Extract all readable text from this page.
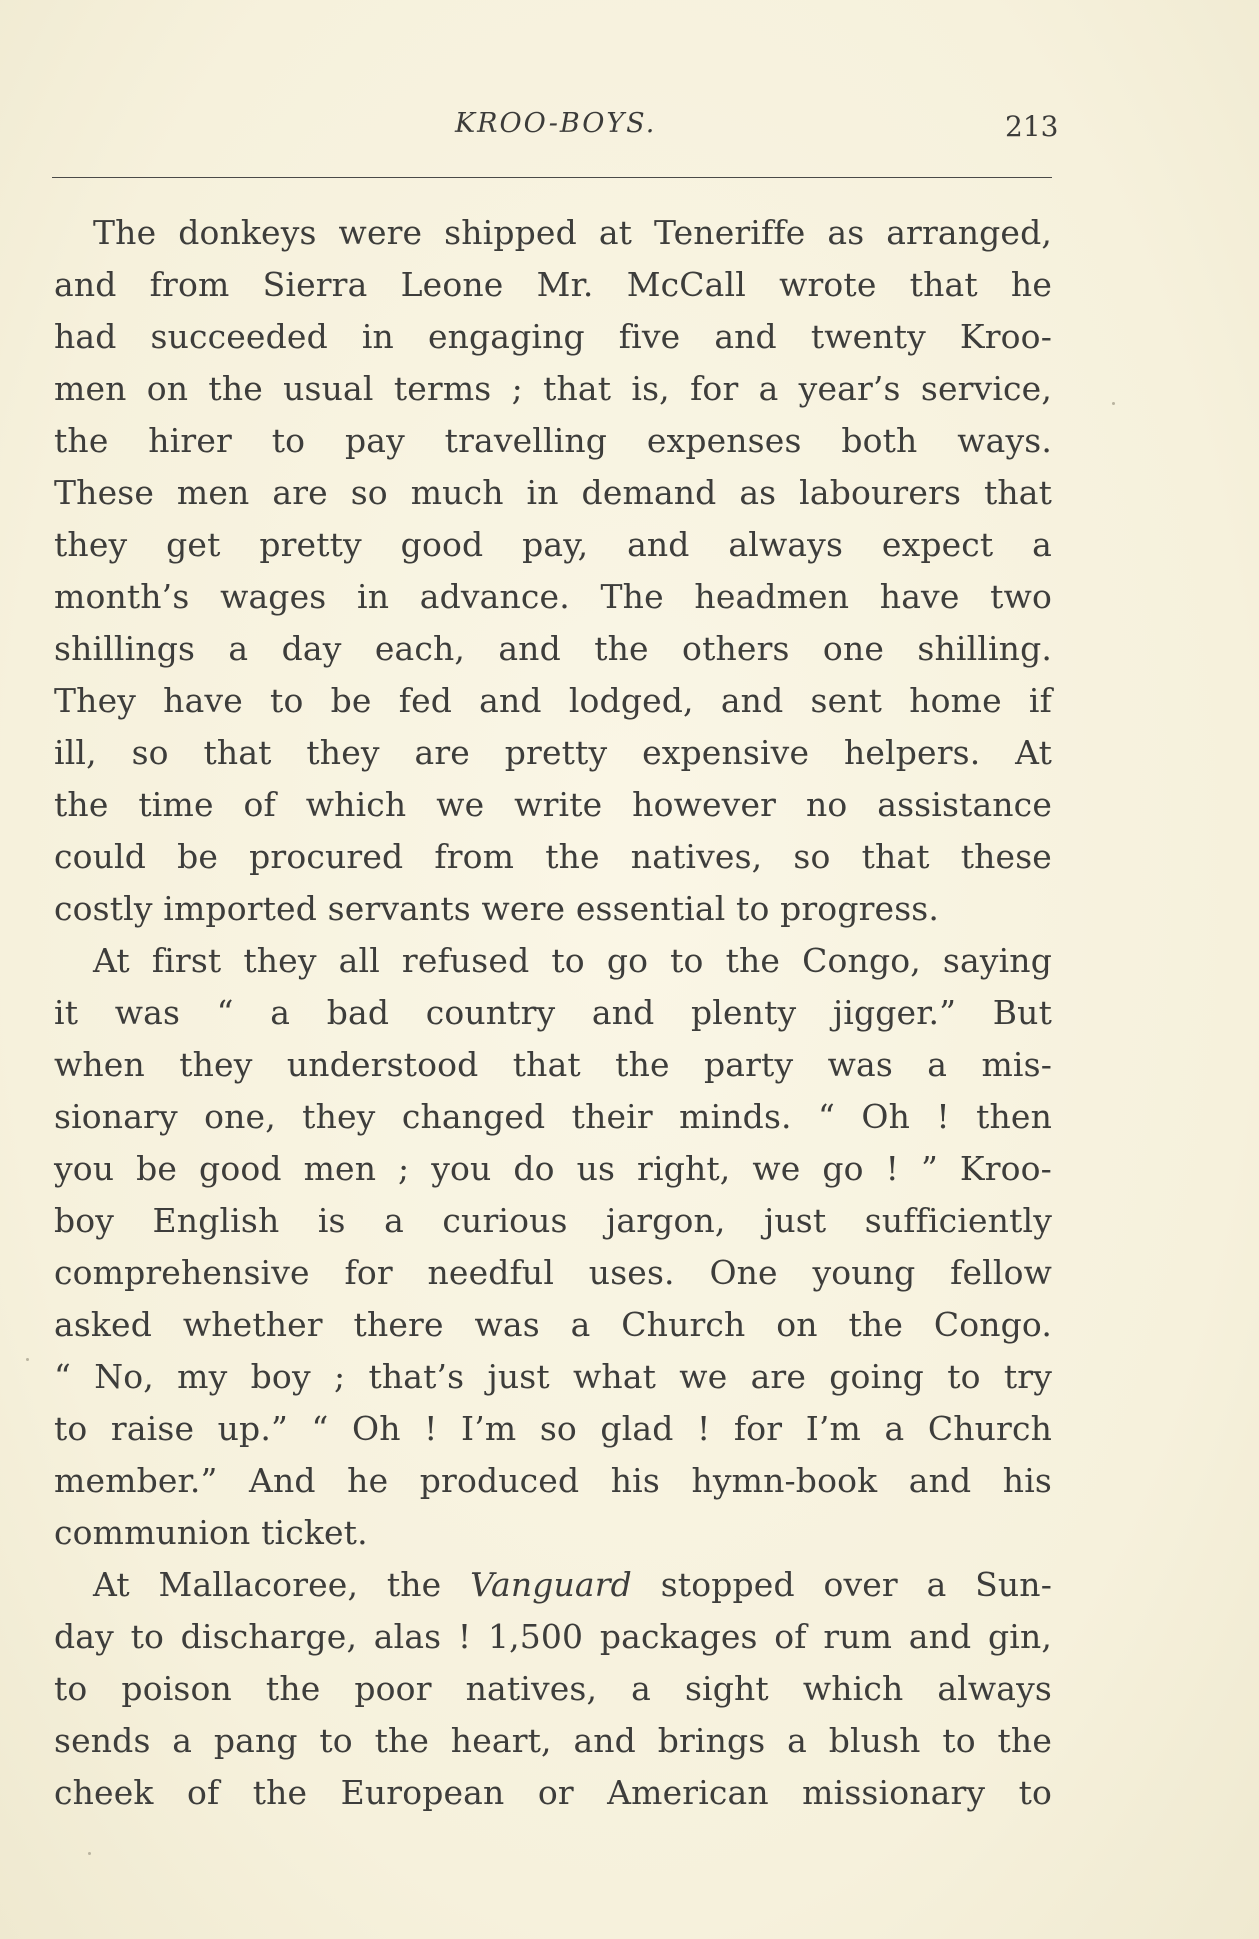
KROO-BOYS.	213
The donkeys were shipped at Teneriffe as arranged,
and from Sierra Leone Mr. McCall wrote that he
had succeeded in engaging five and twenty Kroo-
men on the usual terms ; that is, for a year’s service,
the hirer to pay travelling expenses both ways.
These men are so much in demand as labourers that
they get pretty good pay, and always expect a
month’s wages in advance. The headmen have two
shillings a day each, and the others one shilling.
They have to be fed and lodged, and sent home if
ill, so that they are pretty expensive helpers. At
the time of which we write however no assistance
could be procured from the natives, so that these
costly imported servants were essential to progress.
At first they all refused to go to the Congo, saying
it was “ a bad country and plenty jigger.” But
when they understood that the party was a mis-
sionary one, they changed their minds. “ Oh ! then
you be good men ; you do us right, we go ! ” Kroo-
boy English is a curious jargon, just sufficiently
comprehensive for needful uses. One young fellow
asked whether there was a Church on the Congo.
“ No, my boy ; that’s just what we are going to try
to raise up.” “ Oh ! I’m so glad ! for I’m a Church
member.” And he produced his hymn-book and his
communion ticket.
At Mallacoree, the Vanguard stopped over a Sun-
day to discharge, alas ! 1,500 packages of rum and gin,
to poison the poor natives, a sight which always
sends a pang to the heart, and brings a blush to the
cheek of the European or American missionary to
